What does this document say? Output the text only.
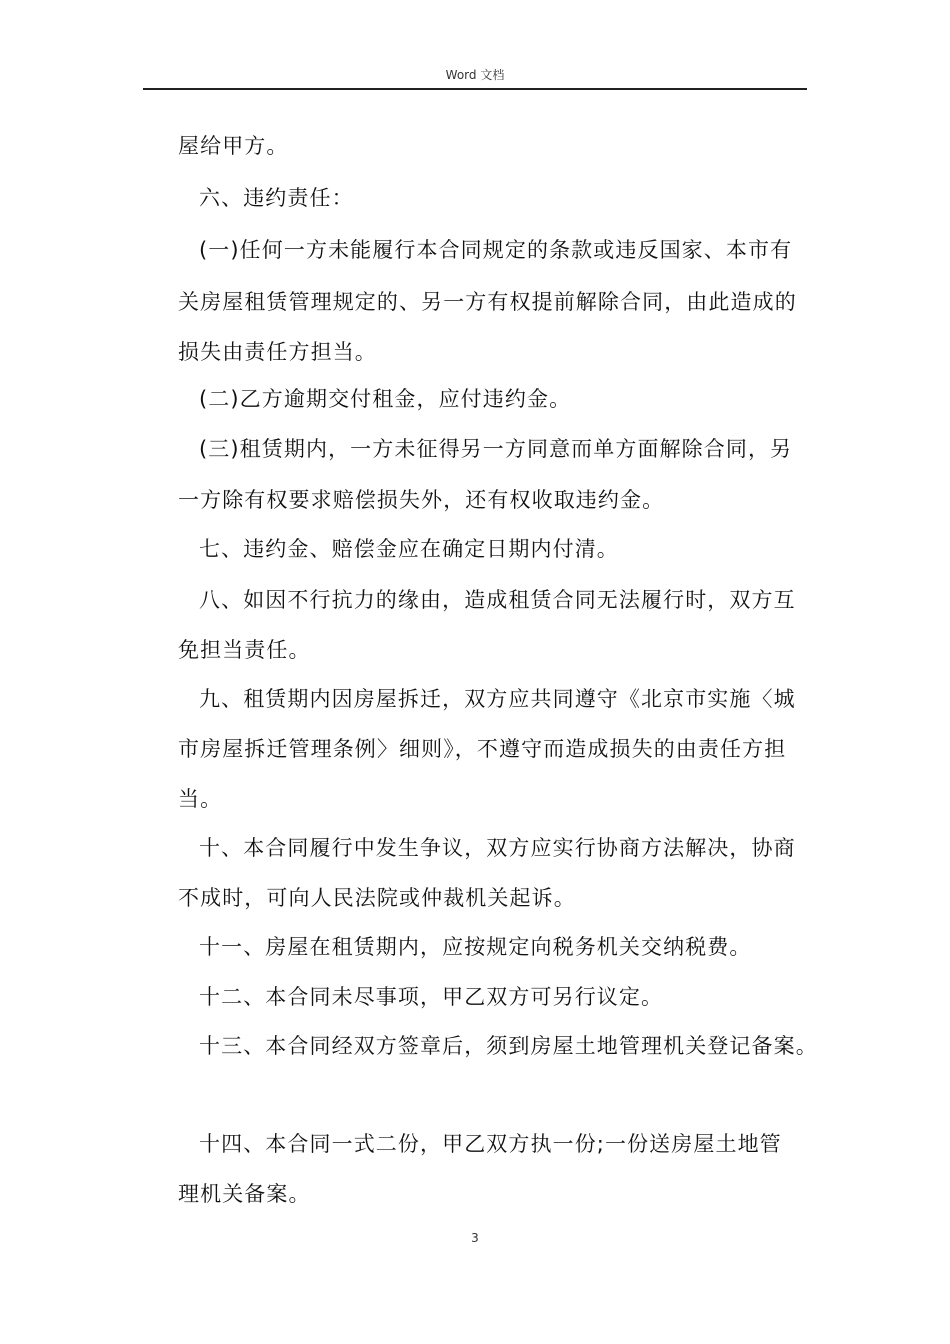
Word 文档
屋给甲方。
六、违约责任：
(一)任何一方未能履行本合同规定的条款或违反国家、本市有
关房屋租赁管理规定的、另一方有权提前解除合同，由此造成的
损失由责任方担当。
(二)乙方逾期交付租金，应付违约金。
(三)租赁期内，一方未征得另一方同意而单方面解除合同，另
一方除有权要求赔偿损失外，还有权收取违约金。
七、违约金、赔偿金应在确定日期内付清。
八、如因不行抗力的缘由，造成租赁合同无法履行时，双方互
免担当责任。
九、租赁期内因房屋拆迁，双方应共同遵守《北京市实施〈城
市房屋拆迁管理条例〉细则》，不遵守而造成损失的由责任方担
当。
十、本合同履行中发生争议，双方应实行协商方法解决，协商
不成时，可向人民法院或仲裁机关起诉。
十一、房屋在租赁期内，应按规定向税务机关交纳税费。
十二、本合同未尽事项，甲乙双方可另行议定。
十三、本合同经双方签章后，须到房屋土地管理机关登记备案。
十四、本合同一式二份，甲乙双方执一份;一份送房屋土地管
理机关备案。
3
